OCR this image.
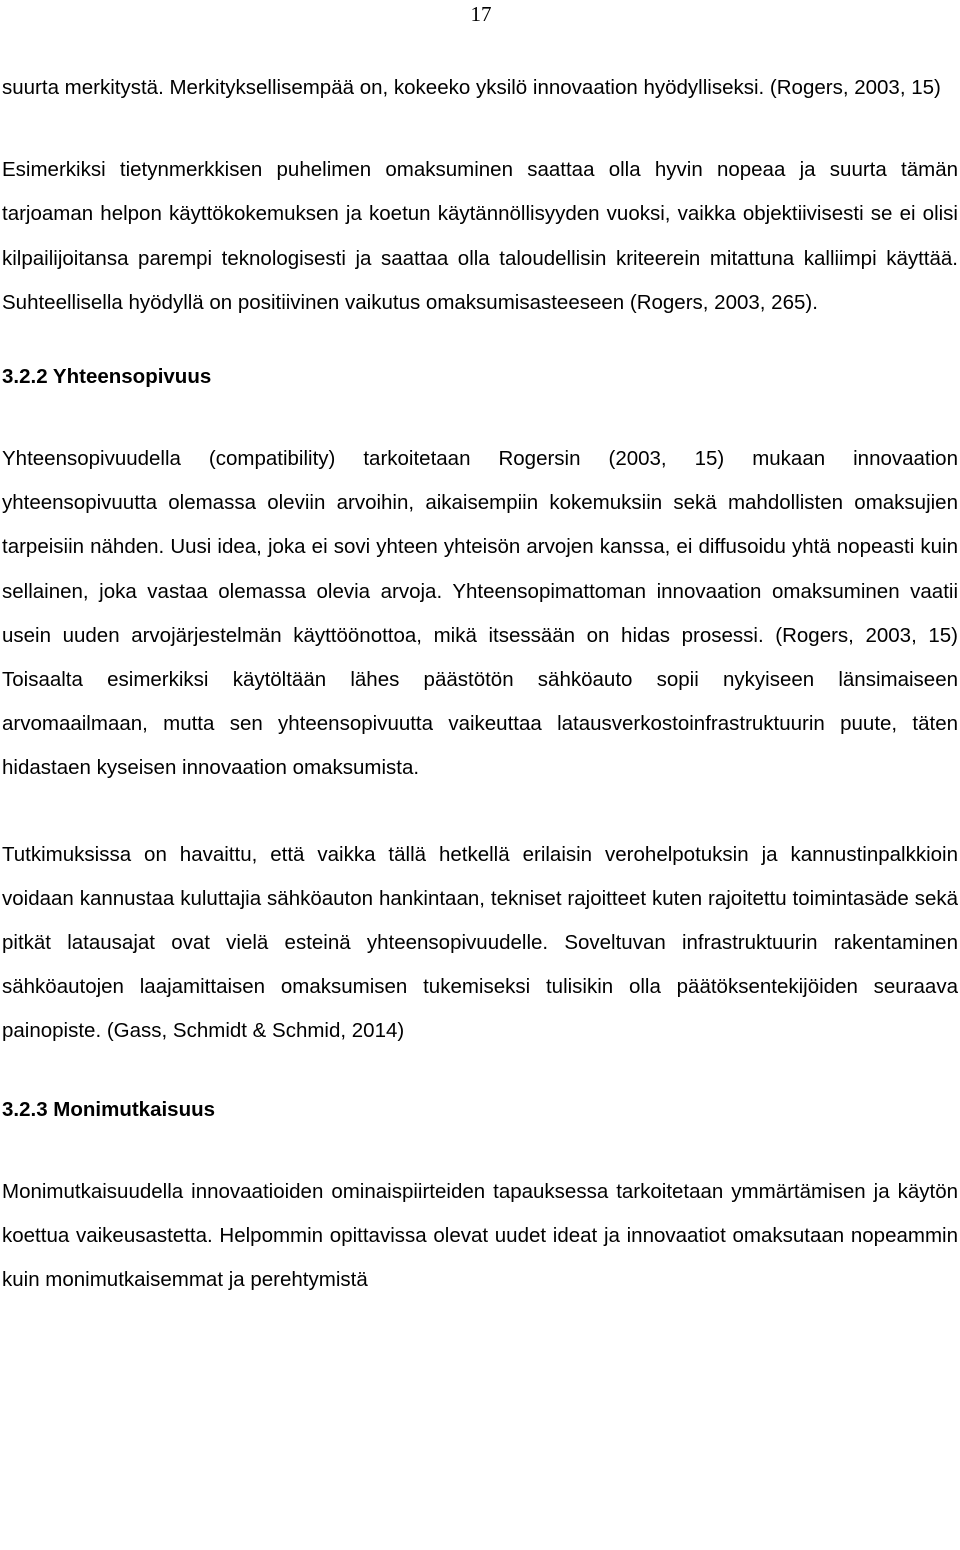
17

suurta merkitystä. Merkityksellisempää on, kokeeko yksilö innovaation hyödylliseksi. (Rogers, 2003, 15)

Esimerkiksi tietynmerkkisen puhelimen omaksuminen saattaa olla hyvin nopeaa ja suurta tämän tarjoaman helpon käyttökokemuksen ja koetun käytännöllisyyden vuoksi, vaikka objektiivisesti se ei olisi kilpailijoitansa parempi teknologisesti ja saattaa olla taloudellisin kriteerein mitattuna kalliimpi käyttää. Suhteellisella hyödyllä on positiivinen vaikutus omaksumisasteeseen (Rogers, 2003, 265).

3.2.2 Yhteensopivuus

Yhteensopivuudella (compatibility) tarkoitetaan Rogersin (2003, 15) mukaan innovaation yhteensopivuutta olemassa oleviin arvoihin, aikaisempiin kokemuksiin sekä mahdollisten omaksujien tarpeisiin nähden. Uusi idea, joka ei sovi yhteen yhteisön arvojen kanssa, ei diffusoidu yhtä nopeasti kuin sellainen, joka vastaa olemassa olevia arvoja. Yhteensopimattoman innovaation omaksuminen vaatii usein uuden arvojärjestelmän käyttöönottoa, mikä itsessään on hidas prosessi. (Rogers, 2003, 15) Toisaalta esimerkiksi käytöltään lähes päästötön sähköauto sopii nykyiseen länsimaiseen arvomaailmaan, mutta sen yhteensopivuutta vaikeuttaa latausverkostoinfrastruktuurin puute, täten hidastaen kyseisen innovaation omaksumista.

Tutkimuksissa on havaittu, että vaikka tällä hetkellä erilaisin verohelpotuksin ja kannustinpalkkioin voidaan kannustaa kuluttajia sähköauton hankintaan, tekniset rajoitteet kuten rajoitettu toimintasäde sekä pitkät latausajat ovat vielä esteinä yhteensopivuudelle. Soveltuvan infrastruktuurin rakentaminen sähköautojen laajamittaisen omaksumisen tukemiseksi tulisikin olla päätöksentekijöiden seuraava painopiste. (Gass, Schmidt & Schmid, 2014)

3.2.3 Monimutkaisuus

Monimutkaisuudella innovaatioiden ominaispiirteiden tapauksessa tarkoitetaan ymmärtämisen ja käytön koettua vaikeusastetta. Helpommin opittavissa olevat uudet ideat ja innovaatiot omaksutaan nopeammin kuin monimutkaisemmat ja perehtymistä
